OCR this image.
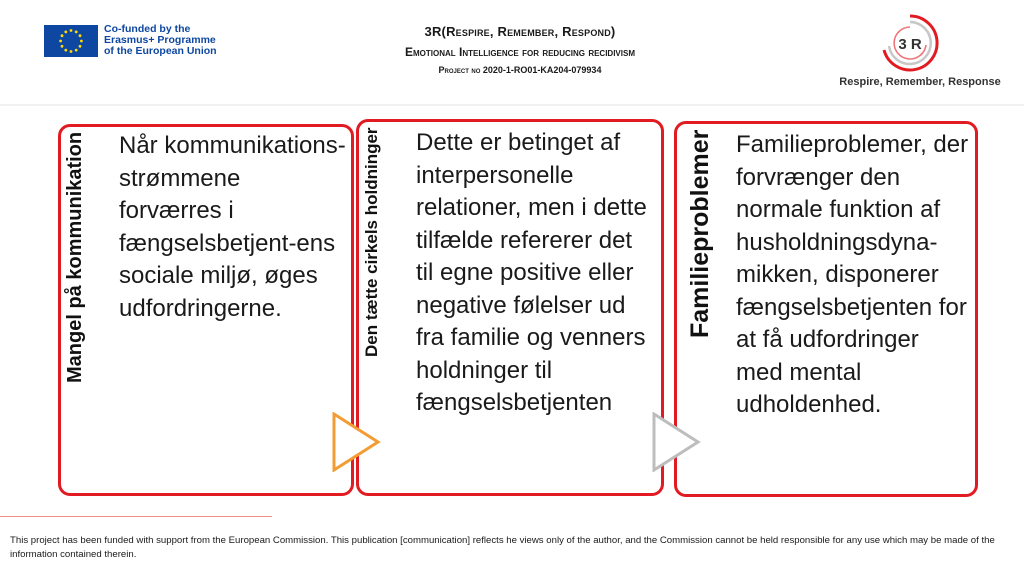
Co-funded by the
Erasmus+ Programme
of the European Union
3R(Respire, Remember, Respond)
Emotional Intelligence for reducing recidivism
Project no 2020-1-RO01-KA204-079934
3 R
Respire, Remember, Response
Mangel på kommunikation	Den tætte cirkels holdninger	Familieproblemer
Når kommunikations-strømmene forværres i fængselsbetjent-ens sociale miljø, øges udfordringerne.
Dette er betinget af interpersonelle relationer, men i dette tilfælde refererer det til egne positive eller negative følelser ud fra familie og venners holdninger til fængselsbetjenten
Familieproblemer, der forvrænger den normale funktion af husholdningsdyna-mikken, disponerer fængselsbetjenten for at få udfordringer med mental udholdenhed.
This project has been funded with support from the European Commission. This publication [communication] reflects he views only of the author, and the Commission cannot be held responsible for any use which may be made of the information contained therein.
